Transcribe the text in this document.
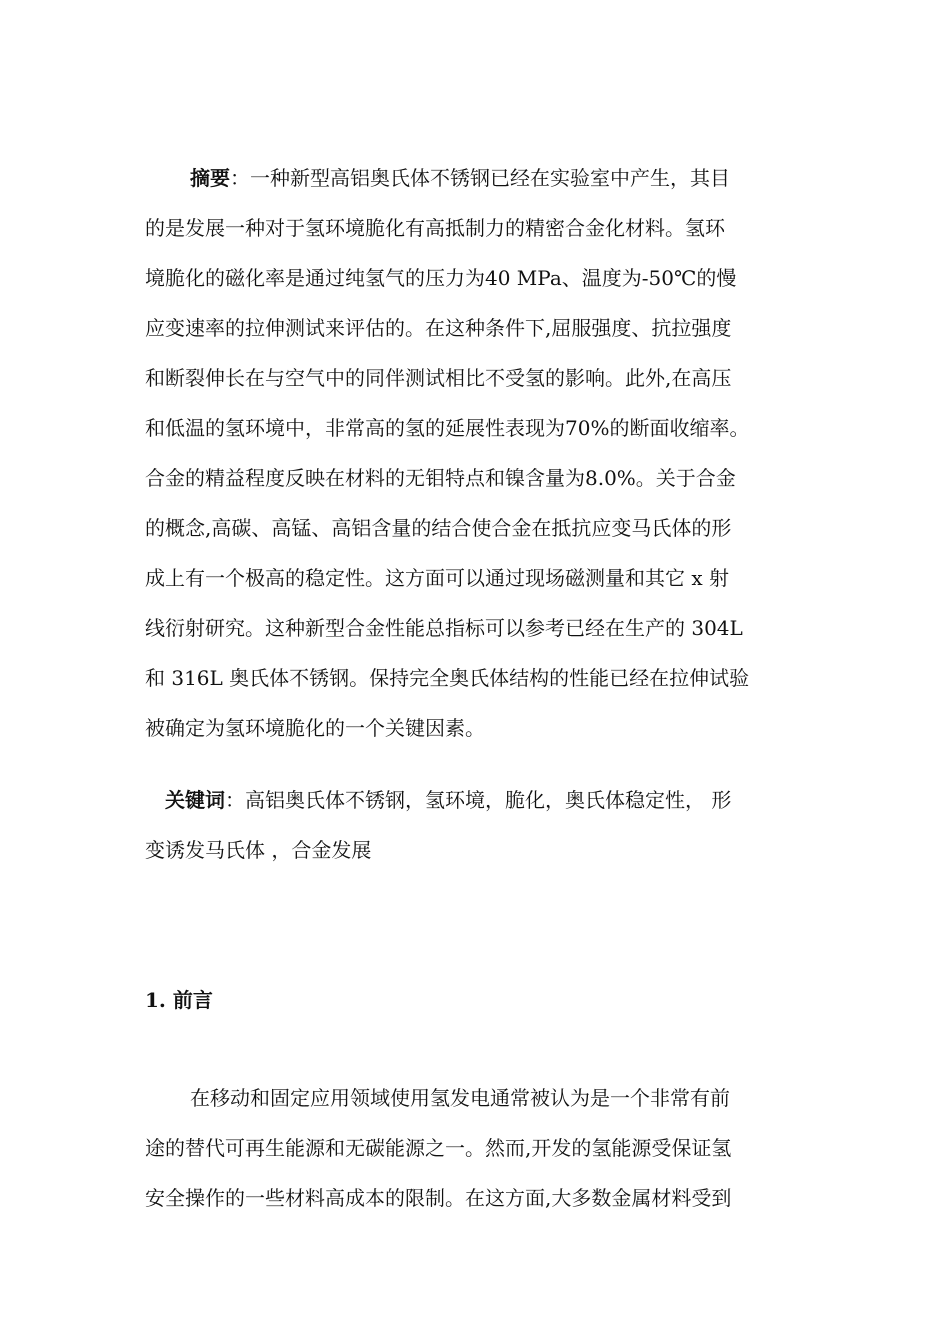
摘要：一种新型高铝奥氏体不锈钢已经在实验室中产生，其目
的是发展一种对于氢环境脆化有高抵制力的精密合金化材料。氢环
境脆化的磁化率是通过纯氢气的压力为40 MPa、温度为-50℃的慢
应变速率的拉伸测试来评估的。在这种条件下,屈服强度、抗拉强度
和断裂伸长在与空气中的同伴测试相比不受氢的影响。此外,在高压
和低温的氢环境中，非常高的氢的延展性表现为70%的断面收缩率。
合金的精益程度反映在材料的无钼特点和镍含量为8.0%。关于合金
的概念,高碳、高锰、高铝含量的结合使合金在抵抗应变马氏体的形
成上有一个极高的稳定性。这方面可以通过现场磁测量和其它 x 射
线衍射研究。这种新型合金性能总指标可以参考已经在生产的 304L
和 316L 奥氏体不锈钢。保持完全奥氏体结构的性能已经在拉伸试验
被确定为氢环境脆化的一个关键因素。
关键词：高铝奥氏体不锈钢，氢环境，脆化，奥氏体稳定性， 形
变诱发马氏体 ，合金发展
1. 前言
在移动和固定应用领域使用氢发电通常被认为是一个非常有前
途的替代可再生能源和无碳能源之一。然而,开发的氢能源受保证氢
安全操作的一些材料高成本的限制。在这方面,大多数金属材料受到
